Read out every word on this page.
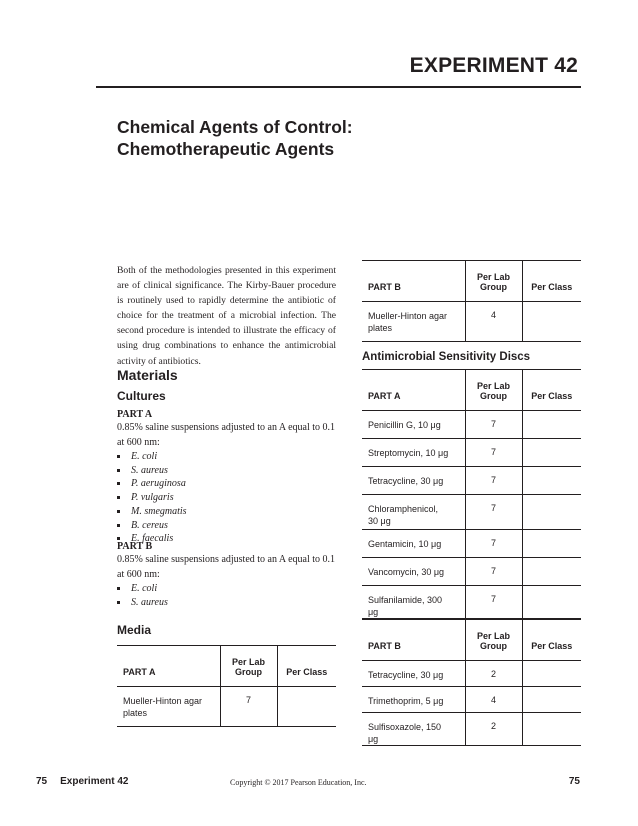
EXPERIMENT 42
Chemical Agents of Control:
Chemotherapeutic Agents
Both of the methodologies presented in this experiment are of clinical significance. The Kirby-Bauer procedure is routinely used to rapidly determine the antibiotic of choice for the treatment of a microbial infection. The second procedure is intended to illustrate the efficacy of using drug combinations to enhance the antimicrobial activity of antibiotics.
Materials
Cultures
PART A
0.85% saline suspensions adjusted to an A equal to 0.1 at 600 nm:
E. coli
S. aureus
P. aeruginosa
P. vulgaris
M. smegmatis
B. cereus
E. faecalis
PART B
0.85% saline suspensions adjusted to an A equal to 0.1 at 600 nm:
E. coli
S. aureus
Media
PART A	Per Lab Group	Per Class
Mueller-Hinton agar plates	7	
PART B	Per Lab Group	Per Class
Mueller-Hinton agar plates	4	
Antimicrobial Sensitivity Discs
PART A	Per Lab Group	Per Class
Penicillin G, 10 μg	7	
Streptomycin, 10 μg	7	
Tetracycline, 30 μg	7	
Chloramphenicol, 30 μg	7	
Gentamicin, 10 μg	7	
Vancomycin, 30 μg	7	
Sulfanilamide, 300 μg	7	
PART B	Per Lab Group	Per Class
Tetracycline, 30 μg	2	
Trimethoprim, 5 μg	4	
Sulfisoxazole, 150 μg	2	
75 Experiment 42	Copyright © 2017 Pearson Education, Inc.	75
